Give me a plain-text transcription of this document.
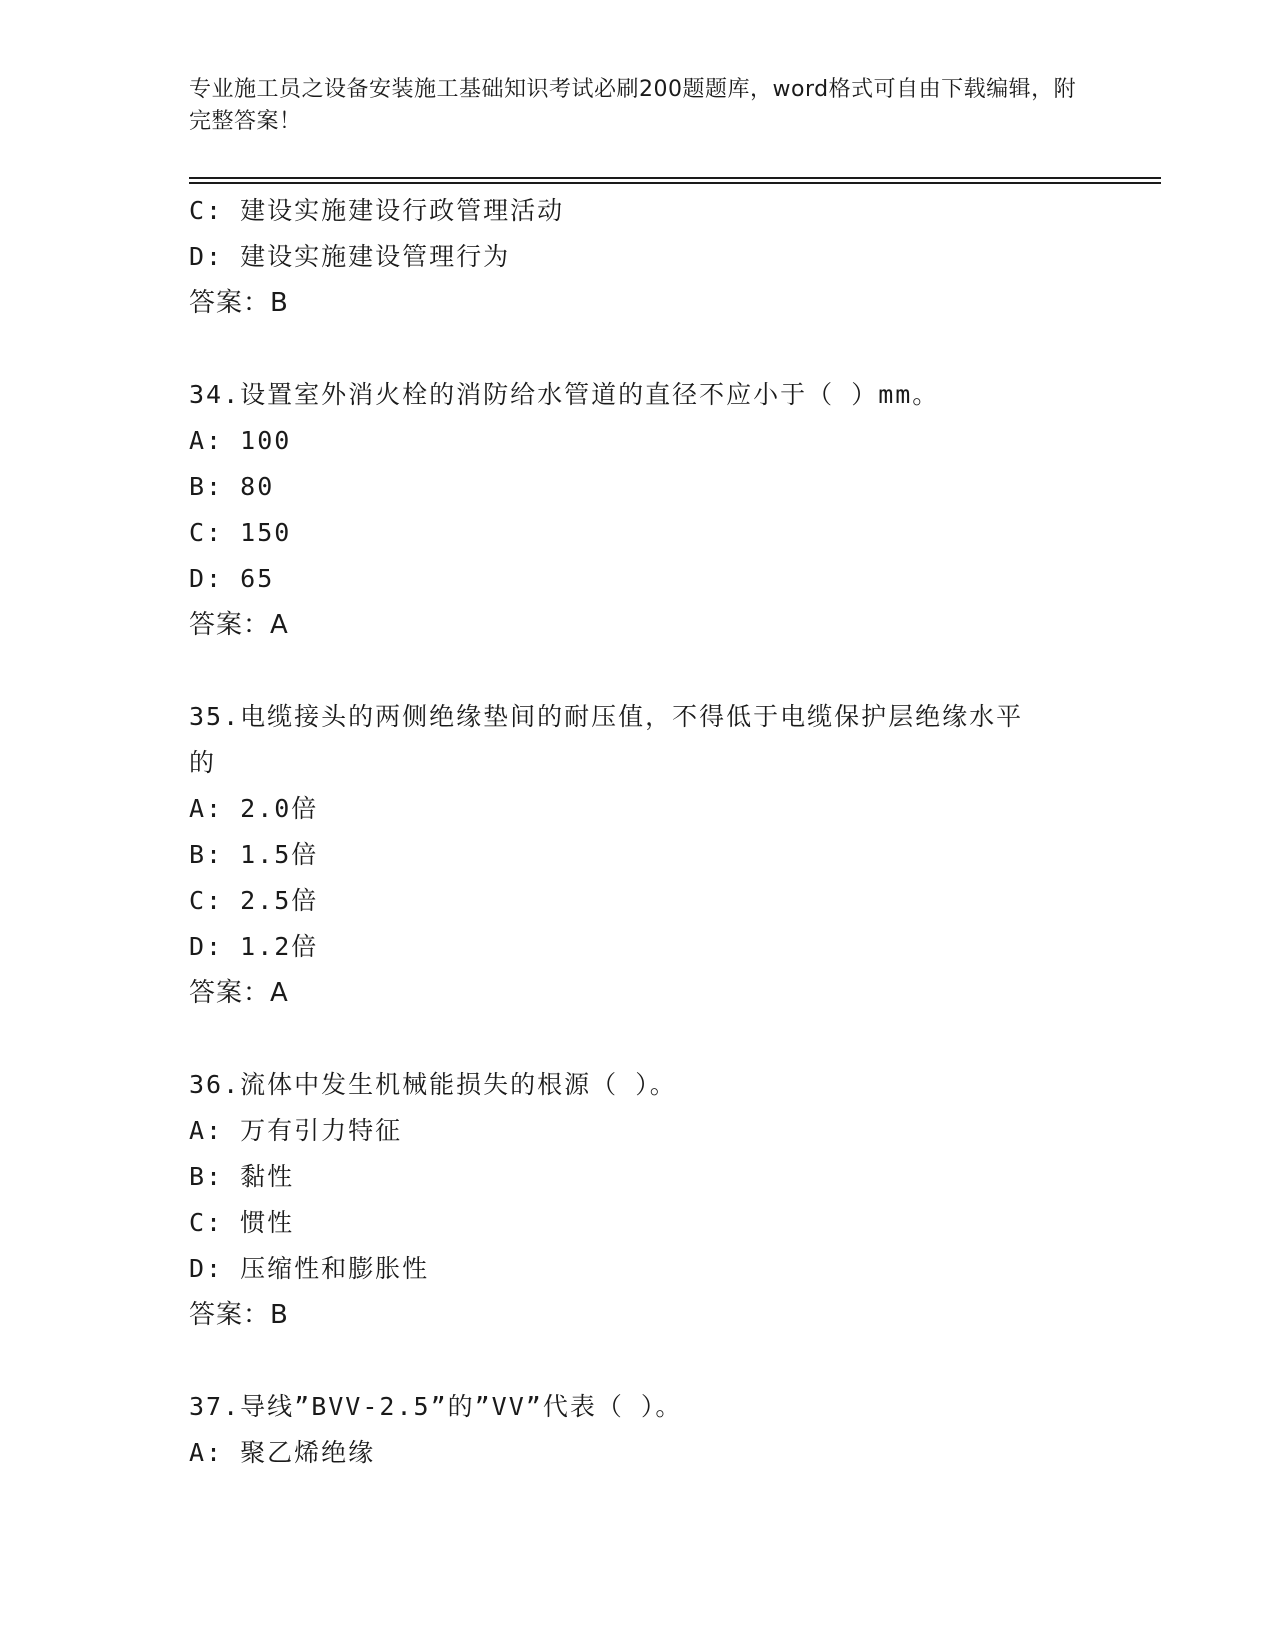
专业施工员之设备安装施工基础知识考试必刷200题题库，word格式可自由下载编辑，附完整答案！
C: 建设实施建设行政管理活动
D: 建设实施建设管理行为
答案：B
34.设置室外消火栓的消防给水管道的直径不应小于（ ）mm。
A: 100
B: 80
C: 150
D: 65
答案：A
35.电缆接头的两侧绝缘垫间的耐压值，不得低于电缆保护层绝缘水平的
A: 2.0倍
B: 1.5倍
C: 2.5倍
D: 1.2倍
答案：A
36.流体中发生机械能损失的根源（ ）。
A: 万有引力特征
B: 黏性
C: 惯性
D: 压缩性和膨胀性
答案：B
37.导线”BVV-2.5”的”VV”代表（ ）。
A: 聚乙烯绝缘
